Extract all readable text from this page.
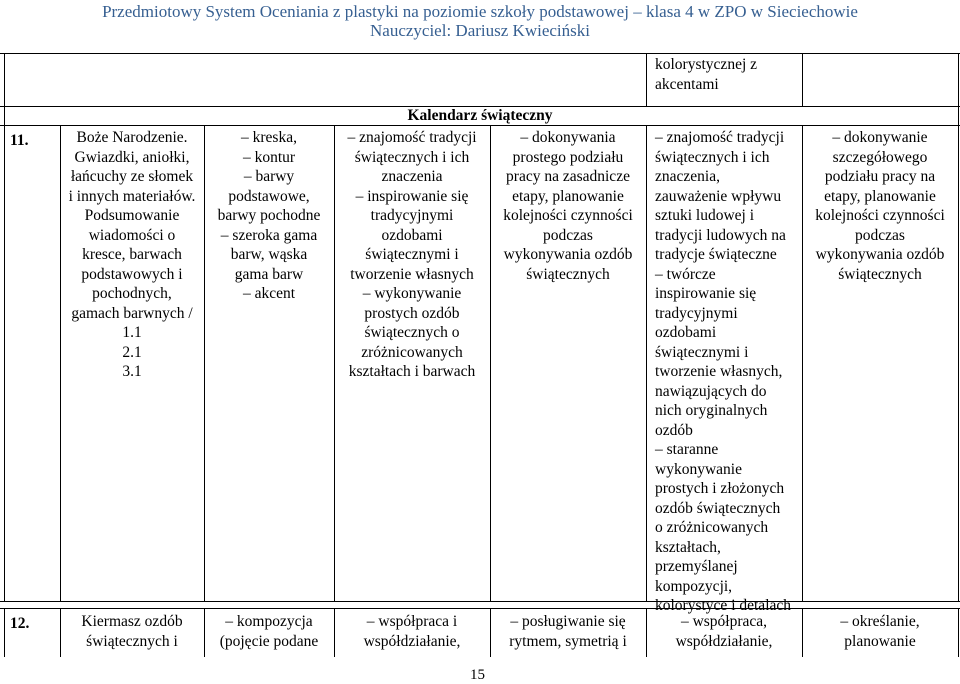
Przedmiotowy System Oceniania z plastyki na poziomie szkoły podstawowej – klasa 4 w ZPO w Sieciechowie
Nauczyciel: Dariusz Kwieciński
kolorystycznej z
akcentami
Kalendarz świąteczny
11.	Boże Narodzenie.
Gwiazdki, aniołki,
łańcuchy ze słomek
i innych materiałów.
Podsumowanie
wiadomości o
kresce, barwach
podstawowych i
pochodnych,
gamach barwnych /
1.1
2.1
3.1
– kreska,
– kontur
– barwy
podstawowe,
barwy pochodne
– szeroka gama
barw, wąska
gama barw
– akcent
– znajomość tradycji
świątecznych i ich
znaczenia
– inspirowanie się
tradycyjnymi
ozdobami
świątecznymi i
tworzenie własnych
– wykonywanie
prostych ozdób
świątecznych o
zróżnicowanych
kształtach i barwach
– dokonywania
prostego podziału
pracy na zasadnicze
etapy, planowanie
kolejności czynności
podczas
wykonywania ozdób
świątecznych
– znajomość tradycji
świątecznych i ich
znaczenia,
zauważenie wpływu
sztuki ludowej i
tradycji ludowych na
tradycje świąteczne
– twórcze
inspirowanie się
tradycyjnymi
ozdobami
świątecznymi i
tworzenie własnych,
nawiązujących do
nich oryginalnych
ozdób
– staranne
wykonywanie
prostych i złożonych
ozdób świątecznych
o zróżnicowanych
kształtach,
przemyślanej
kompozycji,
kolorystyce i detalach
– dokonywanie
szczegółowego
podziału pracy na
etapy, planowanie
kolejności czynności
podczas
wykonywania ozdób
świątecznych
12.	Kiermasz ozdób
świątecznych i
– kompozycja
(pojęcie podane
– współpraca i
współdziałanie,
– posługiwanie się
rytmem, symetrią i
– współpraca,
współdziałanie,
– określanie,
planowanie
15
